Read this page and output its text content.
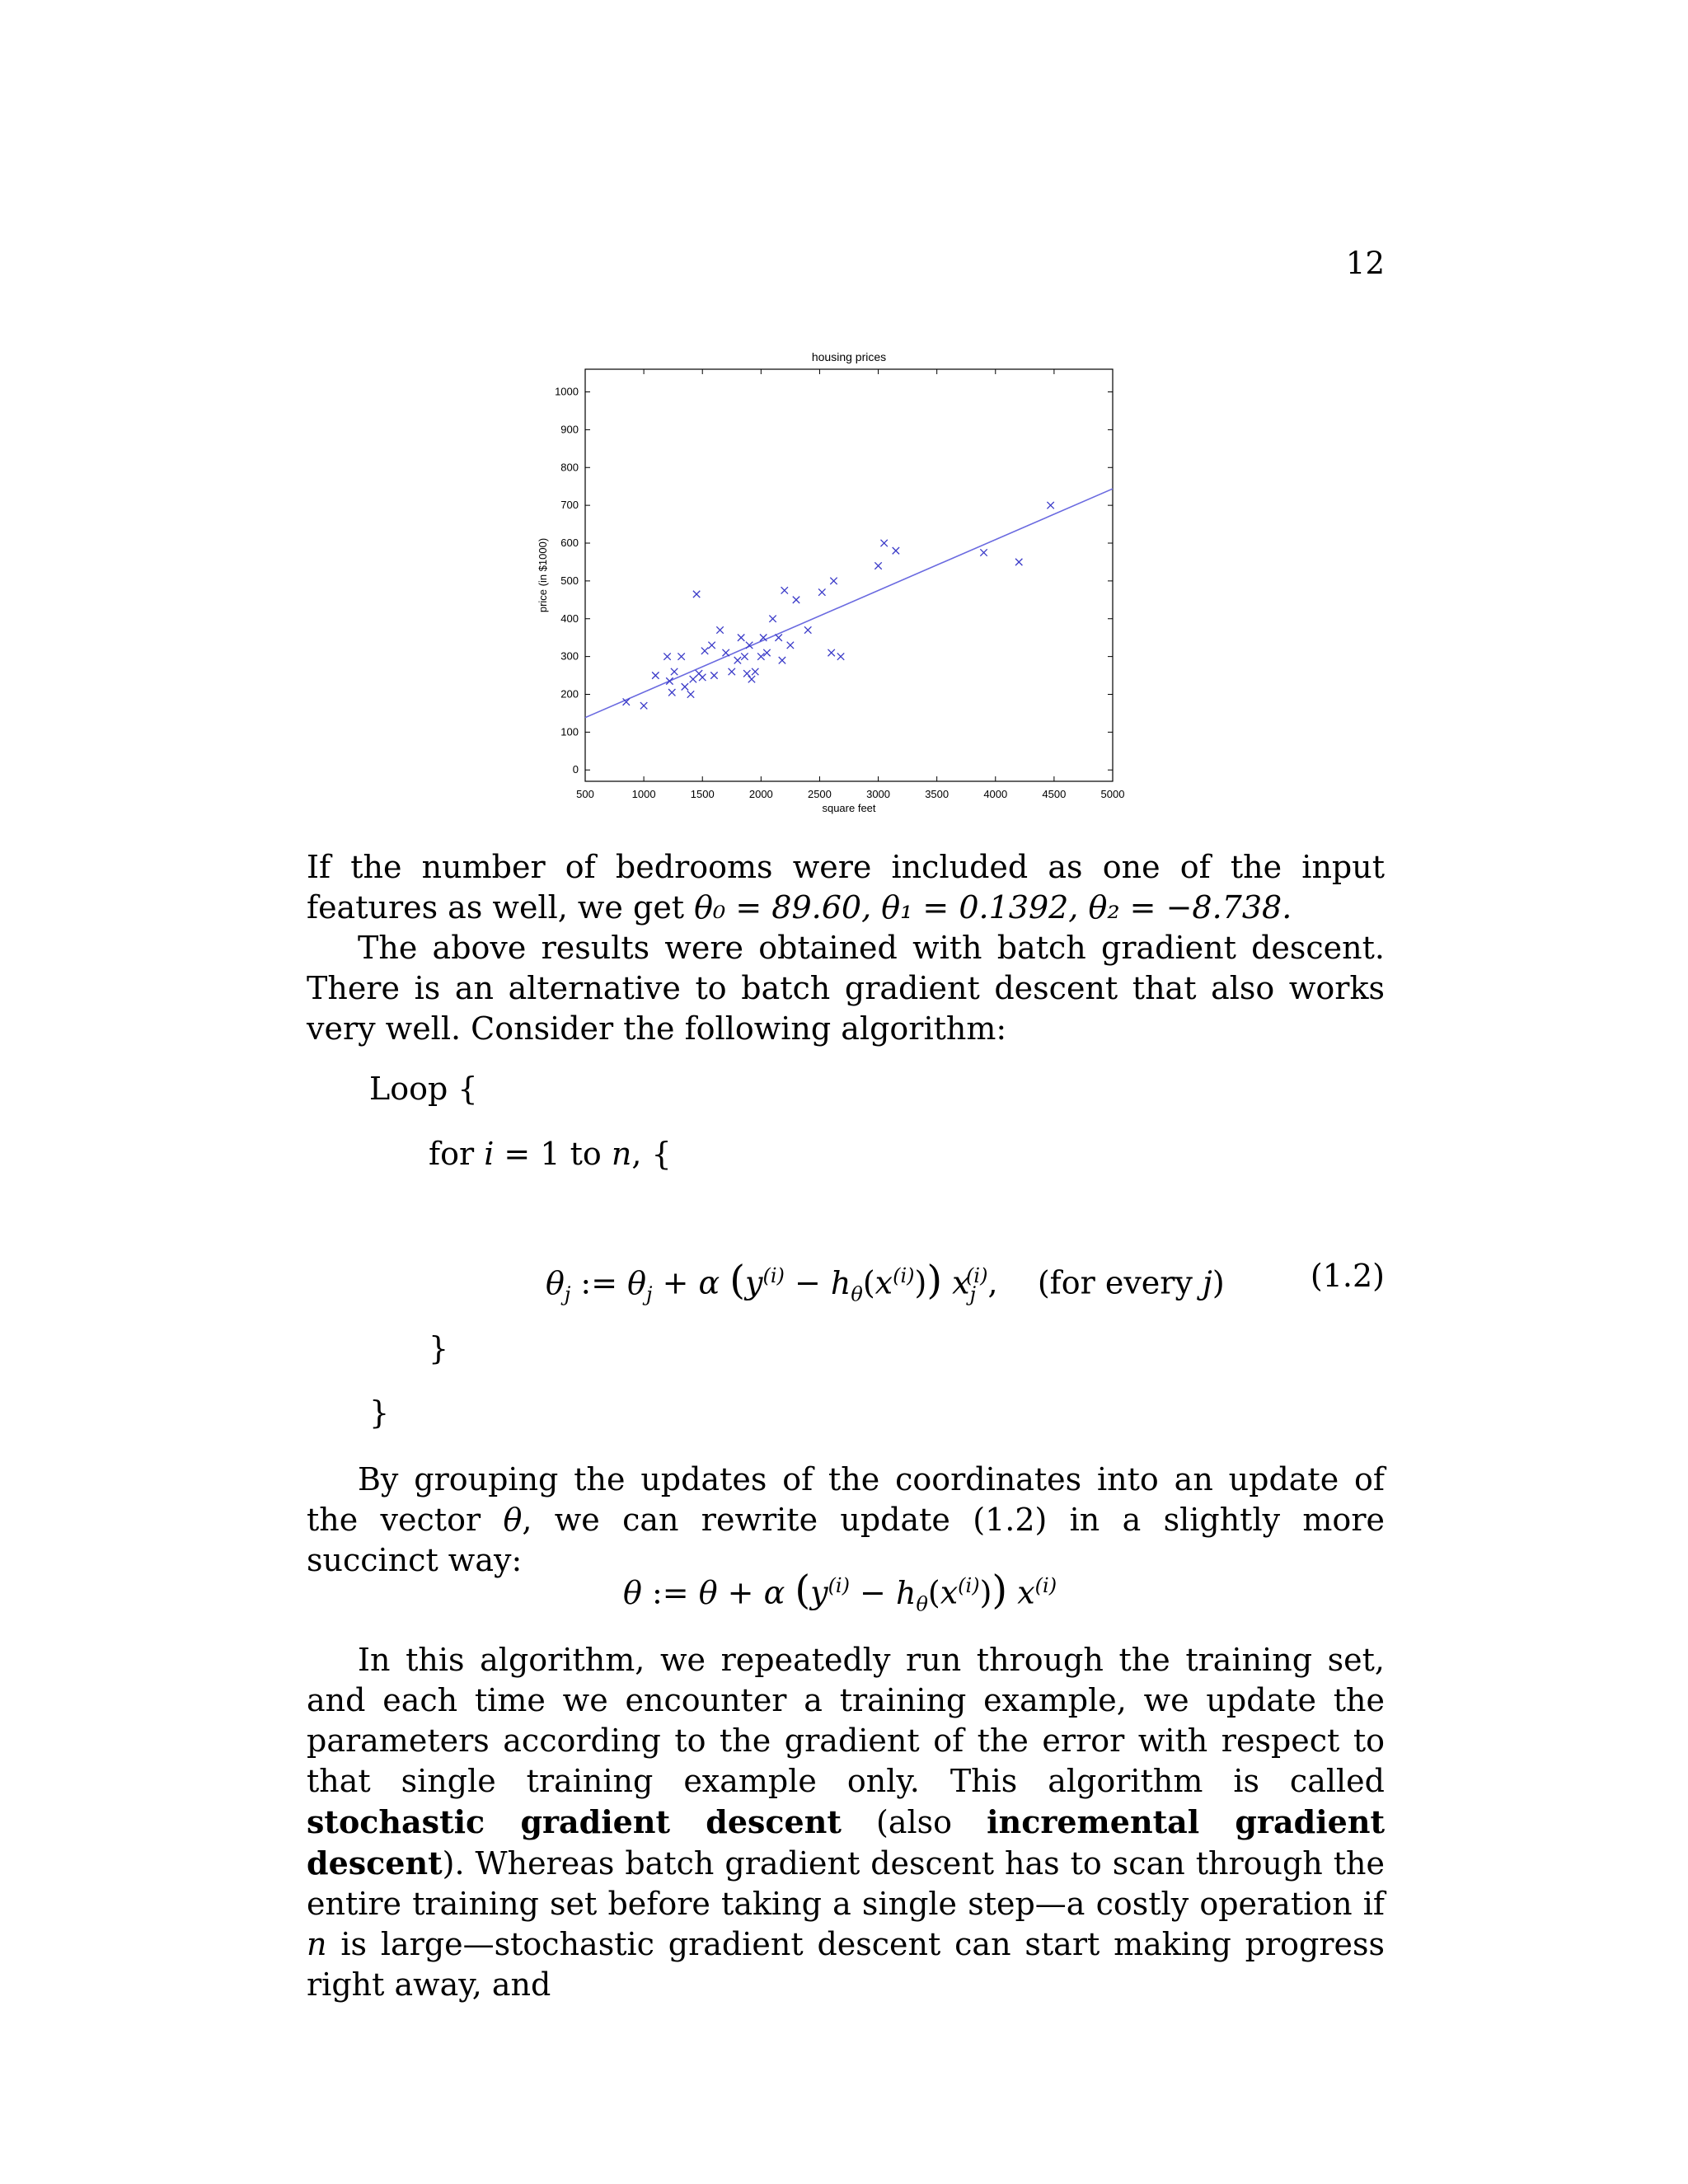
12
housing prices
500	1000	1500	2000	2500	3000	3500	4000	4500	5000
0
100
200
300
400
500
600
700
800
900
1000
square feet
price (in $1000)

If the number of bedrooms were included as one of the input features as well, we get θ₀ = 89.60, θ₁ = 0.1392, θ₂ = −8.738.

The above results were obtained with batch gradient descent. There is an alternative to batch gradient descent that also works very well. Consider the following algorithm:

Loop {
for i = 1 to n, {
$\theta_j$ := $\theta_j + \alpha$ $(y^{(i)} - h_\theta(x^{(i)}))$ $x_j^{(i)}$,    (for every j)	(1.2)
}
}

By grouping the updates of the coordinates into an update of the vector θ, we can rewrite update (1.2) in a slightly more succinct way:

θ := θ + α $(y^{(i)} - h_\theta(x^{(i)}))$ $x^{(i)}$

In this algorithm, we repeatedly run through the training set, and each time we encounter a training example, we update the parameters according to the gradient of the error with respect to that single training example only. This algorithm is called stochastic gradient descent (also incremental gradient descent). Whereas batch gradient descent has to scan through the entire training set before taking a single step—a costly operation if n is large—stochastic gradient descent can start making progress right away, and
